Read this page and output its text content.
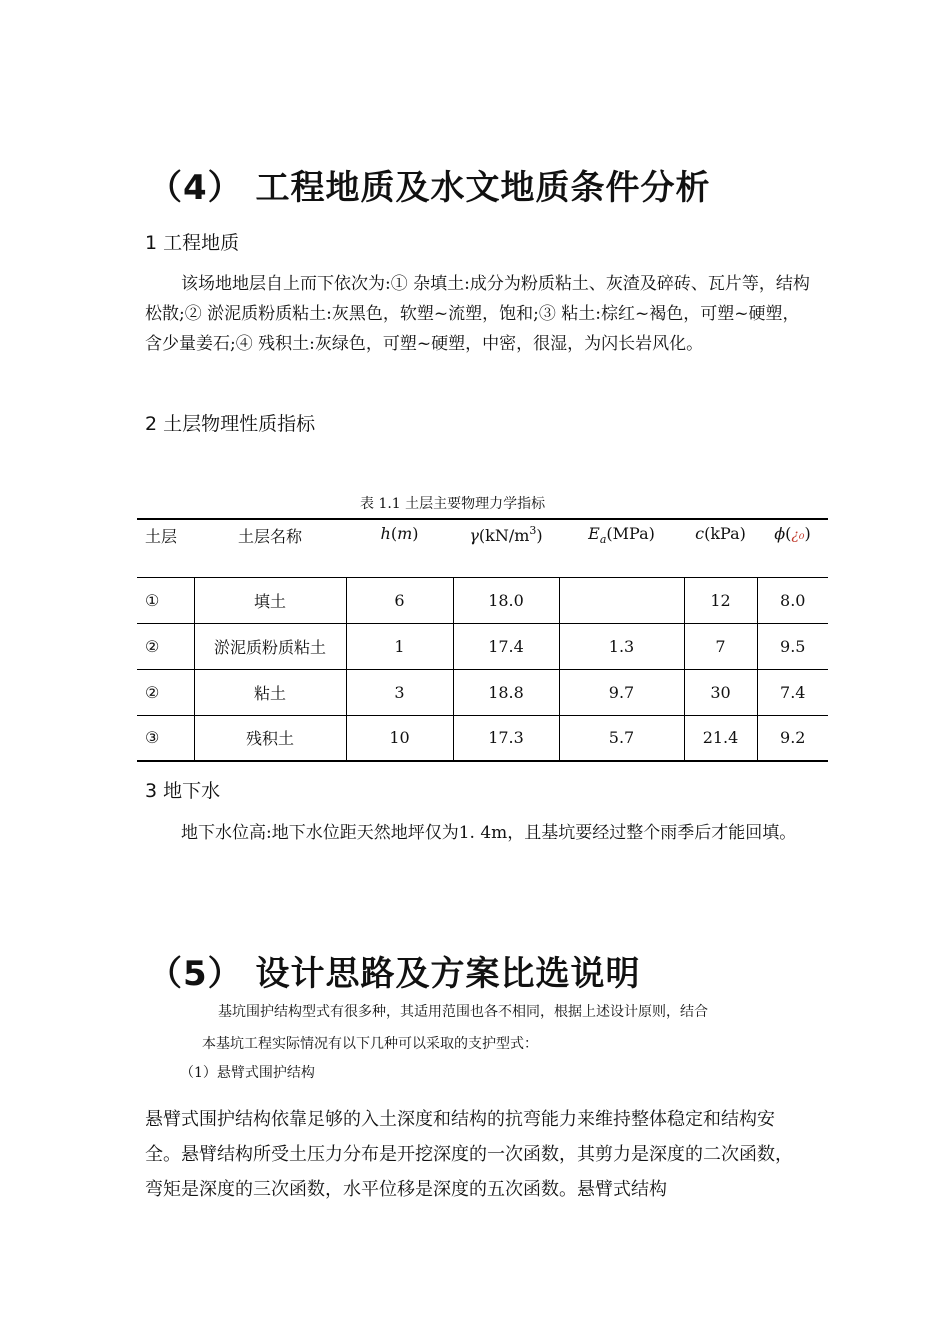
（4） 工程地质及水文地质条件分析
1 工程地质
该场地地层自上而下依次为:① 杂填土:成分为粉质粘土、灰渣及碎砖、瓦片等，结构松散;② 淤泥质粉质粘土:灰黑色，软塑~流塑，饱和;③ 粘土:棕红~褐色，可塑~硬塑，含少量姜石;④ 残积土:灰绿色，可塑~硬塑，中密，很湿，为闪长岩风化。
2 土层物理性质指标
表 1.1 土层主要物理力学指标
土层	土层名称	h(m)	$\gamma(kN/m^3)$	$E_a(MPa)$	c(kPa)	ϕ(¿₀)
①	填土	6	18.0		12	8.0
②	淤泥质粉质粘土	1	17.4	1.3	7	9.5
②	粘土	3	18.8	9.7	30	7.4
③	残积土	10	17.3	5.7	21.4	9.2
3 地下水
地下水位高:地下水位距天然地坪仅为1. 4m，且基坑要经过整个雨季后才能回填。
（5） 设计思路及方案比选说明
基坑围护结构型式有很多种，其适用范围也各不相同，根据上述设计原则，结合
本基坑工程实际情况有以下几种可以采取的支护型式：
（1）悬臂式围护结构
悬臂式围护结构依靠足够的入土深度和结构的抗弯能力来维持整体稳定和结构安全。悬臂结构所受土压力分布是开挖深度的一次函数，其剪力是深度的二次函数，弯矩是深度的三次函数，水平位移是深度的五次函数。悬臂式结构
